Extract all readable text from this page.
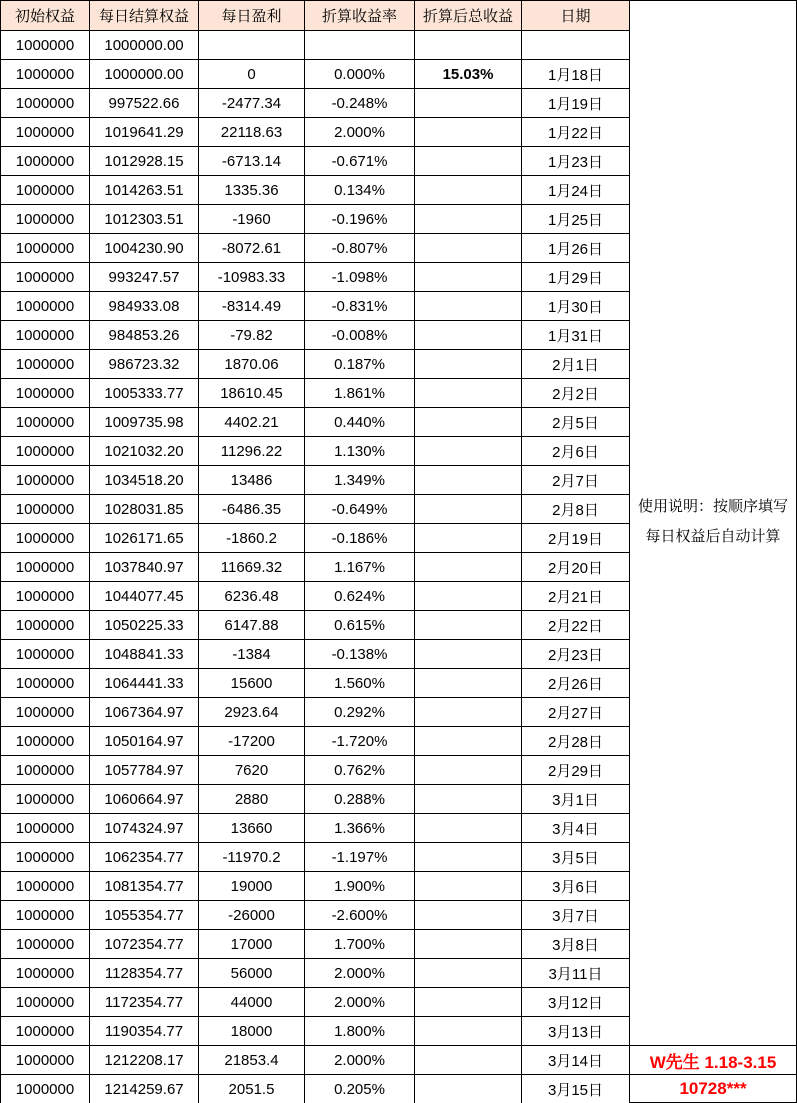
初始权益	每日结算权益	每日盈利	折算收益率	折算后总收益	日期
1000000	1000000.00				
1000000	1000000.00	0	0.000%	15.03%	1月18日
1000000	997522.66	-2477.34	-0.248%		1月19日
1000000	1019641.29	22118.63	2.000%		1月22日
1000000	1012928.15	-6713.14	-0.671%		1月23日
1000000	1014263.51	1335.36	0.134%		1月24日
1000000	1012303.51	-1960	-0.196%		1月25日
1000000	1004230.90	-8072.61	-0.807%		1月26日
1000000	993247.57	-10983.33	-1.098%		1月29日
1000000	984933.08	-8314.49	-0.831%		1月30日
1000000	984853.26	-79.82	-0.008%		1月31日
1000000	986723.32	1870.06	0.187%		2月1日
1000000	1005333.77	18610.45	1.861%		2月2日
1000000	1009735.98	4402.21	0.440%		2月5日
1000000	1021032.20	11296.22	1.130%		2月6日
1000000	1034518.20	13486	1.349%		2月7日
1000000	1028031.85	-6486.35	-0.649%		2月8日
1000000	1026171.65	-1860.2	-0.186%		2月19日
1000000	1037840.97	11669.32	1.167%		2月20日
1000000	1044077.45	6236.48	0.624%		2月21日
1000000	1050225.33	6147.88	0.615%		2月22日
1000000	1048841.33	-1384	-0.138%		2月23日
1000000	1064441.33	15600	1.560%		2月26日
1000000	1067364.97	2923.64	0.292%		2月27日
1000000	1050164.97	-17200	-1.720%		2月28日
1000000	1057784.97	7620	0.762%		2月29日
1000000	1060664.97	2880	0.288%		3月1日
1000000	1074324.97	13660	1.366%		3月4日
1000000	1062354.77	-11970.2	-1.197%		3月5日
1000000	1081354.77	19000	1.900%		3月6日
1000000	1055354.77	-26000	-2.600%		3月7日
1000000	1072354.77	17000	1.700%		3月8日
1000000	1128354.77	56000	2.000%		3月11日
1000000	1172354.77	44000	2.000%		3月12日
1000000	1190354.77	18000	1.800%		3月13日
1000000	1212208.17	21853.4	2.000%		3月14日
1000000	1214259.67	2051.5	0.205%		3月15日
使用说明：按顺序填写每日权益后自动计算
W先生 1.18-3.15
10728***
